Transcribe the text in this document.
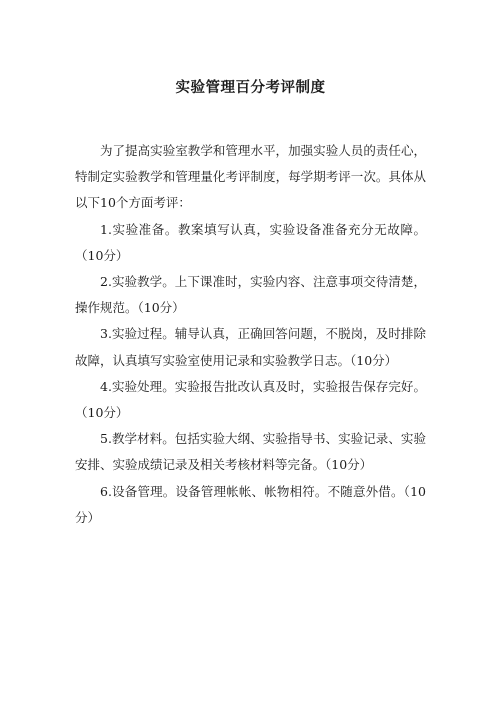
实验管理百分考评制度

为了提高实验室教学和管理水平，加强实验人员的责任心，特制定实验教学和管理量化考评制度，每学期考评一次。具体从以下10个方面考评：

1.实验准备。教案填写认真，实验设备准备充分无故障。（10分）

2.实验教学。上下课准时，实验内容、注意事项交待清楚，操作规范。（10分）

3.实验过程。辅导认真，正确回答问题，不脱岗，及时排除故障，认真填写实验室使用记录和实验教学日志。（10分）

4.实验处理。实验报告批改认真及时，实验报告保存完好。（10分）

5.教学材料。包括实验大纲、实验指导书、实验记录、实验安排、实验成绩记录及相关考核材料等完备。（10分）

6.设备管理。设备管理帐帐、帐物相符。不随意外借。（10分）
